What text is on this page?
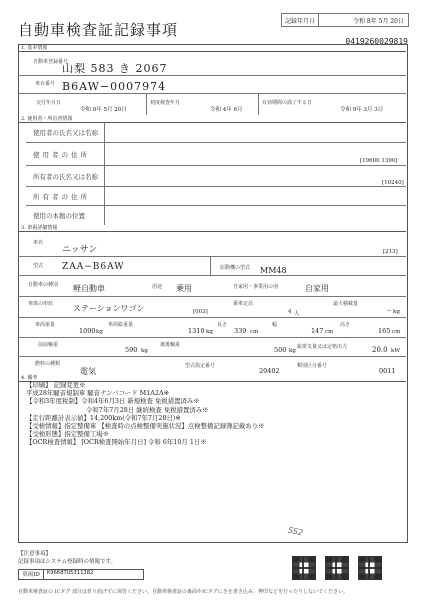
自動車検査証記録事項	記録年月日	令和 8年 5月 20日
0419260029819
1. 基本情報
自動車登録番号
山梨 583 き 2067
車台番号 B6AW−0007974
交付年月日
令和 8年 5月 20日
初度検査年月
令和 4年 6月
有効期間の満了する日
令和 9年 3月 3日
2. 使用者・所有者情報
使用者の氏名又は名称
使用者の住所
[19600 1390]
所有者の氏名又は名称
[10240]
所有者の住所
使用の本拠の位置
3. 車両詳細情報
車名
ニッサン	[213]
型式 ZAA−B6AW	原動機の型式 MM48
自動車の種別 軽自動車	用途 乗用	自家用・事業用の別	自家用
車体の形状 ステーションワゴン	[003]
乗車定員
4 人
最大積載量
− kg
車両重量
1090 kg
車両総重量
1310 kg
長さ
339 cm
幅
147 cm
高さ
165 cm
前前軸重
590 kg
後後軸重
500 kg
総排気量又は定格出力	20.0 kW
燃料の種類
電気
型式指定番号
20402
類別区分番号
0011
4. 備考
【印刷】 記録変更※
平成28年騒音規制車 騒音ナンバコード M1A2A※
【令和3年度税制】令和4年6月3日 新規検査 免税措置済み※
令和7年7月28日 継続検査 免税措置済み※
【走行距離計表示値】14,200km(令和7年7月28日)※
【受検情報】指定整備車 【検査時の点検整備実施状況】点検整備記録簿記載あり※
【受検形態】指定整備工場※
【OCR検査情報】 [OCR検査開始年月日] 令和 6年10月 1日※
SS2
【注意事項】
記録事項はシステム登録時の情報です。
車両ID	K9668TU5311382
自動車検査証の ICタグ 部分は折り曲げずに保管ください。自動車検査証の裏面やICタグにきを書き込み、押印などを行ったりしないでください。
